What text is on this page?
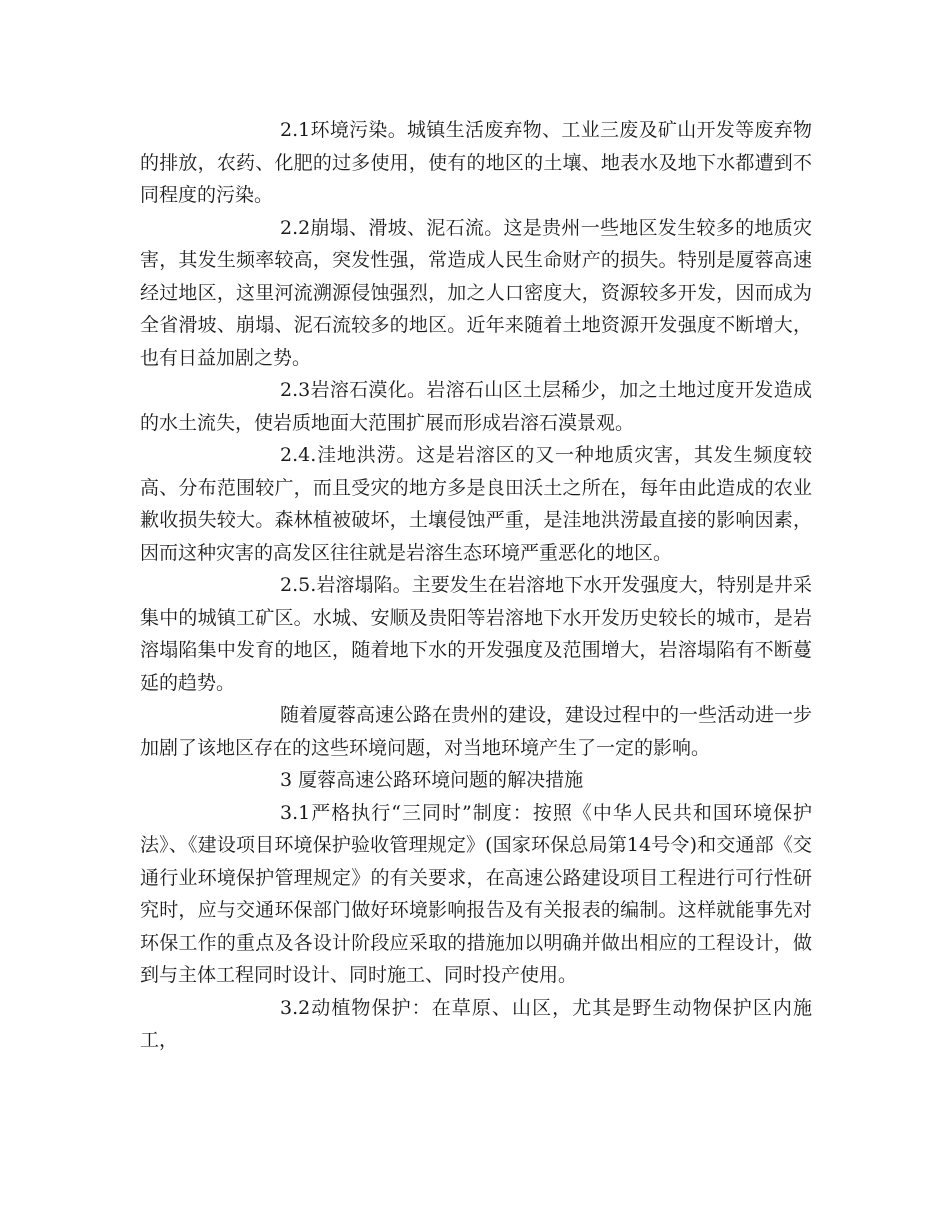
2.1环境污染。城镇生活废弃物、工业三废及矿山开发等废弃物的排放，农药、化肥的过多使用，使有的地区的土壤、地表水及地下水都遭到不同程度的污染。

2.2崩塌、滑坡、泥石流。这是贵州一些地区发生较多的地质灾害，其发生频率较高，突发性强，常造成人民生命财产的损失。特别是厦蓉高速经过地区，这里河流溯源侵蚀强烈，加之人口密度大，资源较多开发，因而成为全省滑坡、崩塌、泥石流较多的地区。近年来随着土地资源开发强度不断增大，也有日益加剧之势。

2.3岩溶石漠化。岩溶石山区土层稀少，加之土地过度开发造成的水土流失，使岩质地面大范围扩展而形成岩溶石漠景观。

2.4.洼地洪涝。这是岩溶区的又一种地质灾害，其发生频度较高、分布范围较广，而且受灾的地方多是良田沃土之所在，每年由此造成的农业歉收损失较大。森林植被破坏，土壤侵蚀严重，是洼地洪涝最直接的影响因素，因而这种灾害的高发区往往就是岩溶生态环境严重恶化的地区。

2.5.岩溶塌陷。主要发生在岩溶地下水开发强度大，特别是井采集中的城镇工矿区。水城、安顺及贵阳等岩溶地下水开发历史较长的城市，是岩溶塌陷集中发育的地区，随着地下水的开发强度及范围增大，岩溶塌陷有不断蔓延的趋势。

随着厦蓉高速公路在贵州的建设，建设过程中的一些活动进一步加剧了该地区存在的这些环境问题，对当地环境产生了一定的影响。

3 厦蓉高速公路环境问题的解决措施

3.1严格执行“三同时”制度：按照《中华人民共和国环境保护法》、《建设项目环境保护验收管理规定》(国家环保总局第14号令)和交通部《交通行业环境保护管理规定》的有关要求，在高速公路建设项目工程进行可行性研究时，应与交通环保部门做好环境影响报告及有关报表的编制。这样就能事先对环保工作的重点及各设计阶段应采取的措施加以明确并做出相应的工程设计，做到与主体工程同时设计、同时施工、同时投产使用。

3.2动植物保护：在草原、山区，尤其是野生动物保护区内施工，
